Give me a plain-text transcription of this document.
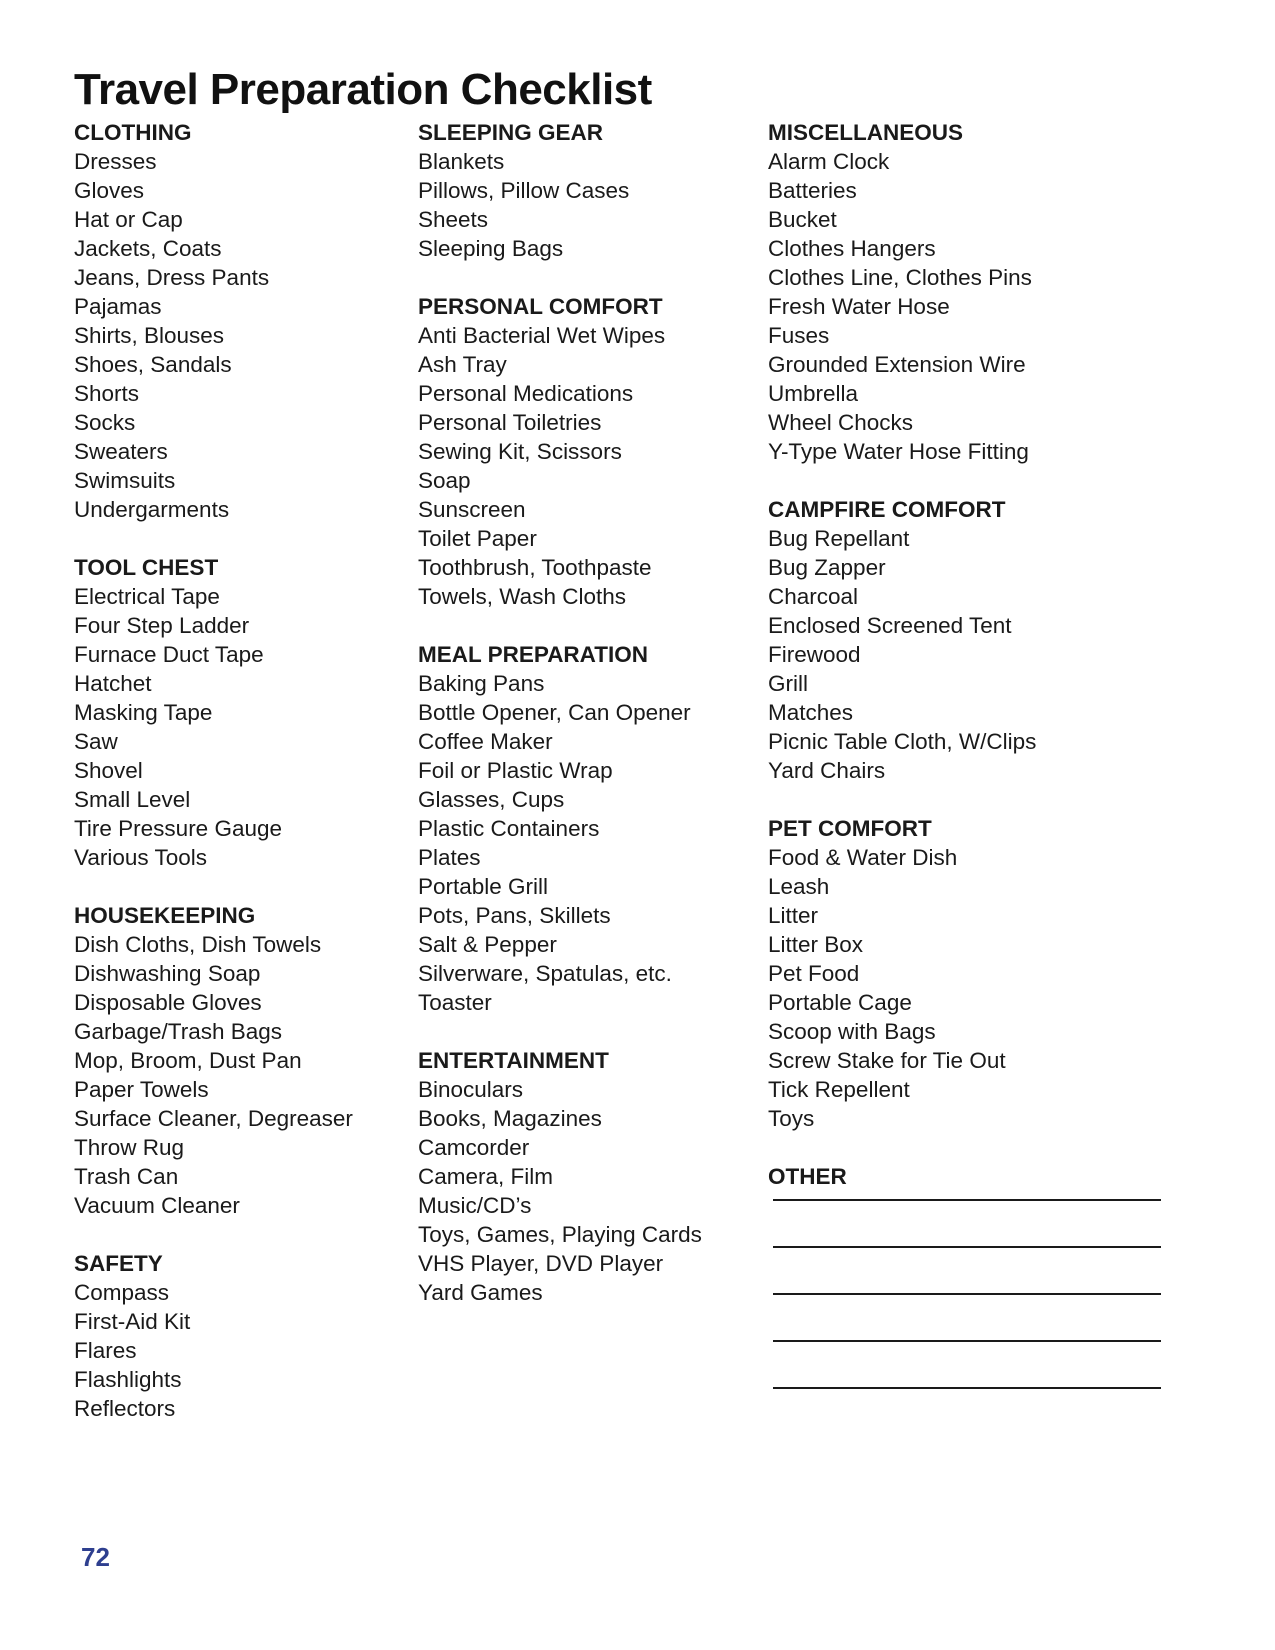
Travel Preparation Checklist
CLOTHING
Dresses
Gloves
Hat or Cap
Jackets, Coats
Jeans, Dress Pants
Pajamas
Shirts, Blouses
Shoes, Sandals
Shorts
Socks
Sweaters
Swimsuits
Undergarments
TOOL CHEST
Electrical Tape
Four Step Ladder
Furnace Duct Tape
Hatchet
Masking Tape
Saw
Shovel
Small Level
Tire Pressure Gauge
Various Tools
HOUSEKEEPING
Dish Cloths, Dish Towels
Dishwashing Soap
Disposable Gloves
Garbage/Trash Bags
Mop, Broom, Dust Pan
Paper Towels
Surface Cleaner, Degreaser
Throw Rug
Trash Can
Vacuum Cleaner
SAFETY
Compass
First-Aid Kit
Flares
Flashlights
Reflectors
SLEEPING GEAR
Blankets
Pillows, Pillow Cases
Sheets
Sleeping Bags
PERSONAL COMFORT
Anti Bacterial Wet Wipes
Ash Tray
Personal Medications
Personal Toiletries
Sewing Kit, Scissors
Soap
Sunscreen
Toilet Paper
Toothbrush, Toothpaste
Towels, Wash Cloths
MEAL PREPARATION
Baking Pans
Bottle Opener, Can Opener
Coffee Maker
Foil or Plastic Wrap
Glasses, Cups
Plastic Containers
Plates
Portable Grill
Pots, Pans, Skillets
Salt & Pepper
Silverware, Spatulas, etc.
Toaster
ENTERTAINMENT
Binoculars
Books, Magazines
Camcorder
Camera, Film
Music/CD’s
Toys, Games, Playing Cards
VHS Player, DVD Player
Yard Games
MISCELLANEOUS
Alarm Clock
Batteries
Bucket
Clothes Hangers
Clothes Line, Clothes Pins
Fresh Water Hose
Fuses
Grounded Extension Wire
Umbrella
Wheel Chocks
Y-Type Water Hose Fitting
CAMPFIRE COMFORT
Bug Repellant
Bug Zapper
Charcoal
Enclosed Screened Tent
Firewood
Grill
Matches
Picnic Table Cloth, W/Clips
Yard Chairs
PET COMFORT
Food & Water Dish
Leash
Litter
Litter Box
Pet Food
Portable Cage
Scoop with Bags
Screw Stake for Tie Out
Tick Repellent
Toys
OTHER

72
